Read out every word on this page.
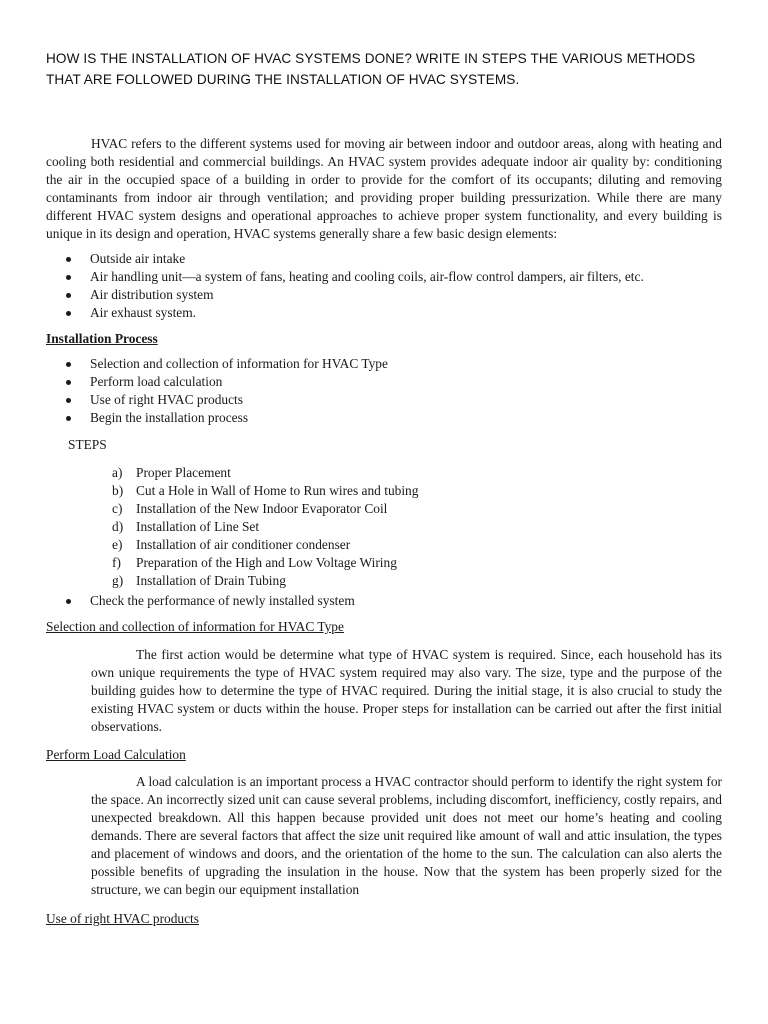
HOW IS THE INSTALLATION OF HVAC SYSTEMS DONE? WRITE IN STEPS THE VARIOUS METHODS THAT ARE FOLLOWED DURING THE INSTALLATION OF HVAC SYSTEMS.

HVAC refers to the different systems used for moving air between indoor and outdoor areas, along with heating and cooling both residential and commercial buildings. An HVAC system provides adequate indoor air quality by: conditioning the air in the occupied space of a building in order to provide for the comfort of its occupants; diluting and removing contaminants from indoor air through ventilation; and providing proper building pressurization. While there are many different HVAC system designs and operational approaches to achieve proper system functionality, and every building is unique in its design and operation, HVAC systems generally share a few basic design elements:

Outside air intake
Air handling unit—a system of fans, heating and cooling coils, air-flow control dampers, air filters, etc.
Air distribution system
Air exhaust system.

Installation Process

Selection and collection of information for HVAC Type
Perform load calculation
Use of right HVAC products
Begin the installation process

STEPS

a) Proper Placement
b) Cut a Hole in Wall of Home to Run wires and tubing
c) Installation of the New Indoor Evaporator Coil
d) Installation of Line Set
e) Installation of air conditioner condenser
f) Preparation of the High and Low Voltage Wiring
g) Installation of Drain Tubing
Check the performance of newly installed system

Selection and collection of information for HVAC Type

The first action would be determine what type of HVAC system is required. Since, each household has its own unique requirements the type of HVAC system required may also vary. The size, type and the purpose of the building guides how to determine the type of HVAC required. During the initial stage, it is also crucial to study the existing HVAC system or ducts within the house. Proper steps for installation can be carried out after the first initial observations.

Perform Load Calculation

A load calculation is an important process a HVAC contractor should perform to identify the right system for the space. An incorrectly sized unit can cause several problems, including discomfort, inefficiency, costly repairs, and unexpected breakdown. All this happen because provided unit does not meet our home’s heating and cooling demands. There are several factors that affect the size unit required like amount of wall and attic insulation, the types and placement of windows and doors, and the orientation of the home to the sun. The calculation can also alerts the possible benefits of upgrading the insulation in the house. Now that the system has been properly sized for the structure, we can begin our equipment installation

Use of right HVAC products
